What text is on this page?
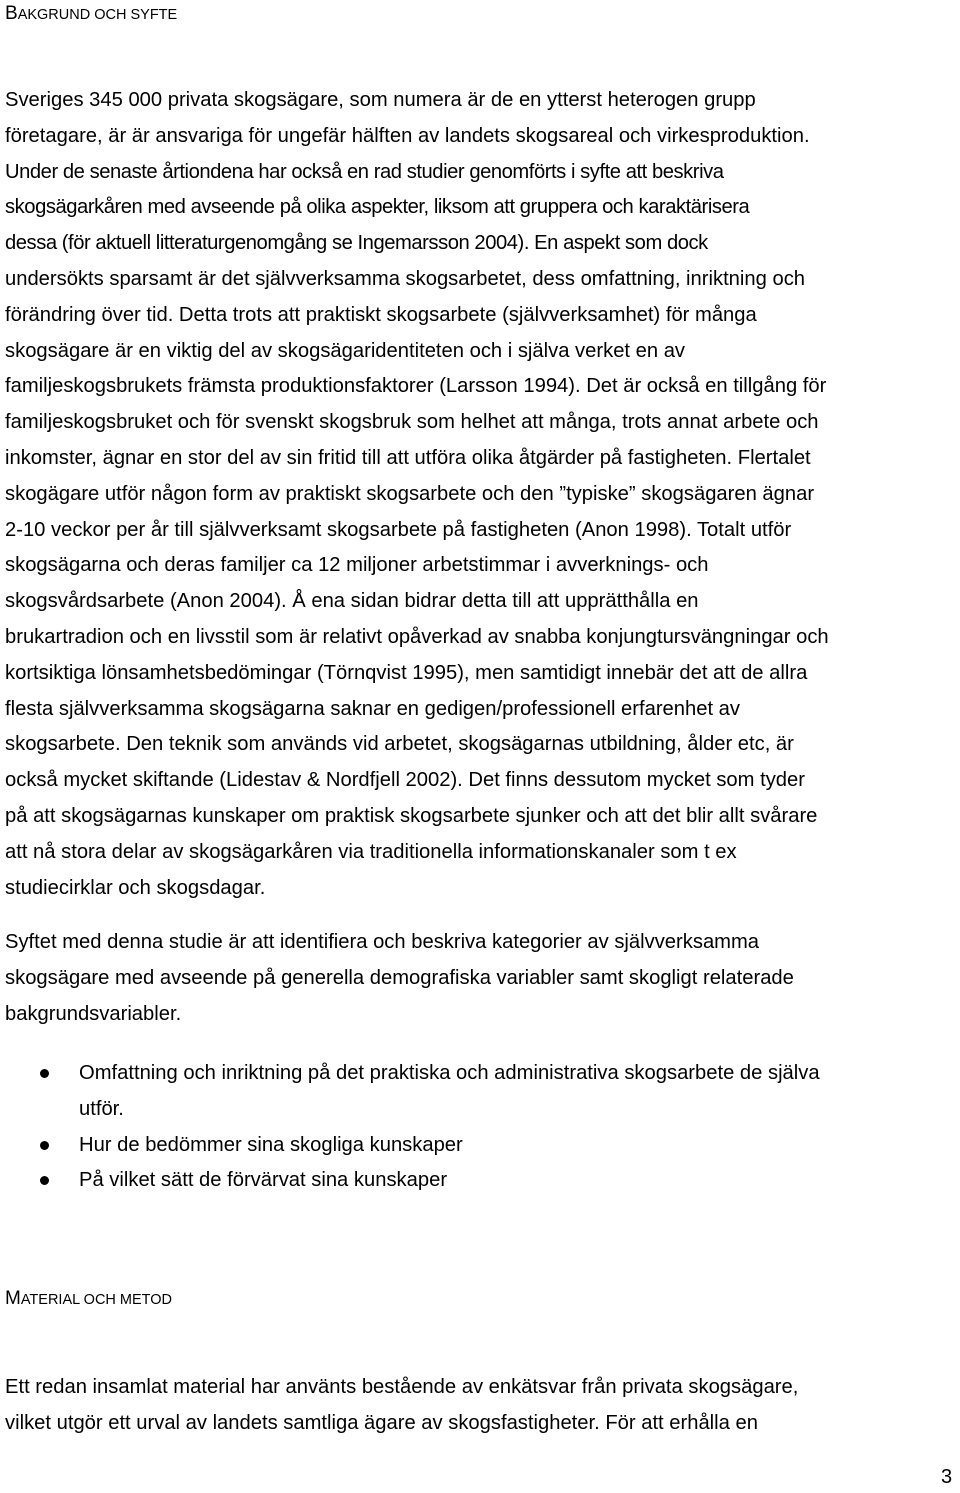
BAKGRUND OCH SYFTE

Sveriges 345 000 privata skogsägare, som numera är de en ytterst heterogen grupp
företagare, är är ansvariga för ungefär hälften av landets skogsareal och virkesproduktion.
Under de senaste årtiondena har också en rad studier genomförts i syfte att beskriva
skogsägarkåren med avseende på olika aspekter, liksom att gruppera och karaktärisera
dessa (för aktuell litteraturgenomgång se Ingemarsson 2004). En aspekt som dock
undersökts sparsamt är det självverksamma skogsarbetet, dess omfattning, inriktning och
förändring över tid. Detta trots att praktiskt skogsarbete (självverksamhet) för många
skogsägare är en viktig del av skogsägaridentiteten och i själva verket en av
familjeskogsbrukets främsta produktionsfaktorer (Larsson 1994). Det är också en tillgång för
familjeskogsbruket och för svenskt skogsbruk som helhet att många, trots annat arbete och
inkomster, ägnar en stor del av sin fritid till att utföra olika åtgärder på fastigheten. Flertalet
skogägare utför någon form av praktiskt skogsarbete och den ”typiske” skogsägaren ägnar
2-10 veckor per år till självverksamt skogsarbete på fastigheten (Anon 1998). Totalt utför
skogsägarna och deras familjer ca 12 miljoner arbetstimmar i avverknings- och
skogsvårdsarbete (Anon 2004). Å ena sidan bidrar detta till att upprätthålla en
brukartradion och en livsstil som är relativt opåverkad av snabba konjungtursvängningar och
kortsiktiga lönsamhetsbedömingar (Törnqvist 1995), men samtidigt innebär det att de allra
flesta självverksamma skogsägarna saknar en gedigen/professionell erfarenhet av
skogsarbete. Den teknik som används vid arbetet, skogsägarnas utbildning, ålder etc, är
också mycket skiftande (Lidestav & Nordfjell 2002). Det finns dessutom mycket som tyder
på att skogsägarnas kunskaper om praktisk skogsarbete sjunker och att det blir allt svårare
att nå stora delar av skogsägarkåren via traditionella informationskanaler som t ex
studiecirklar och skogsdagar.

Syftet med denna studie är att identifiera och beskriva kategorier av självverksamma
skogsägare med avseende på generella demografiska variabler samt skogligt relaterade
bakgrundsvariabler.

Omfattning och inriktning på det praktiska och administrativa skogsarbete de själva
utför.
Hur de bedömmer sina skogliga kunskaper
På vilket sätt de förvärvat sina kunskaper
MATERIAL OCH METOD

Ett redan insamlat material har använts bestående av enkätsvar från privata skogsägare,
vilket utgör ett urval av landets samtliga ägare av skogsfastigheter. För att erhålla en

3
